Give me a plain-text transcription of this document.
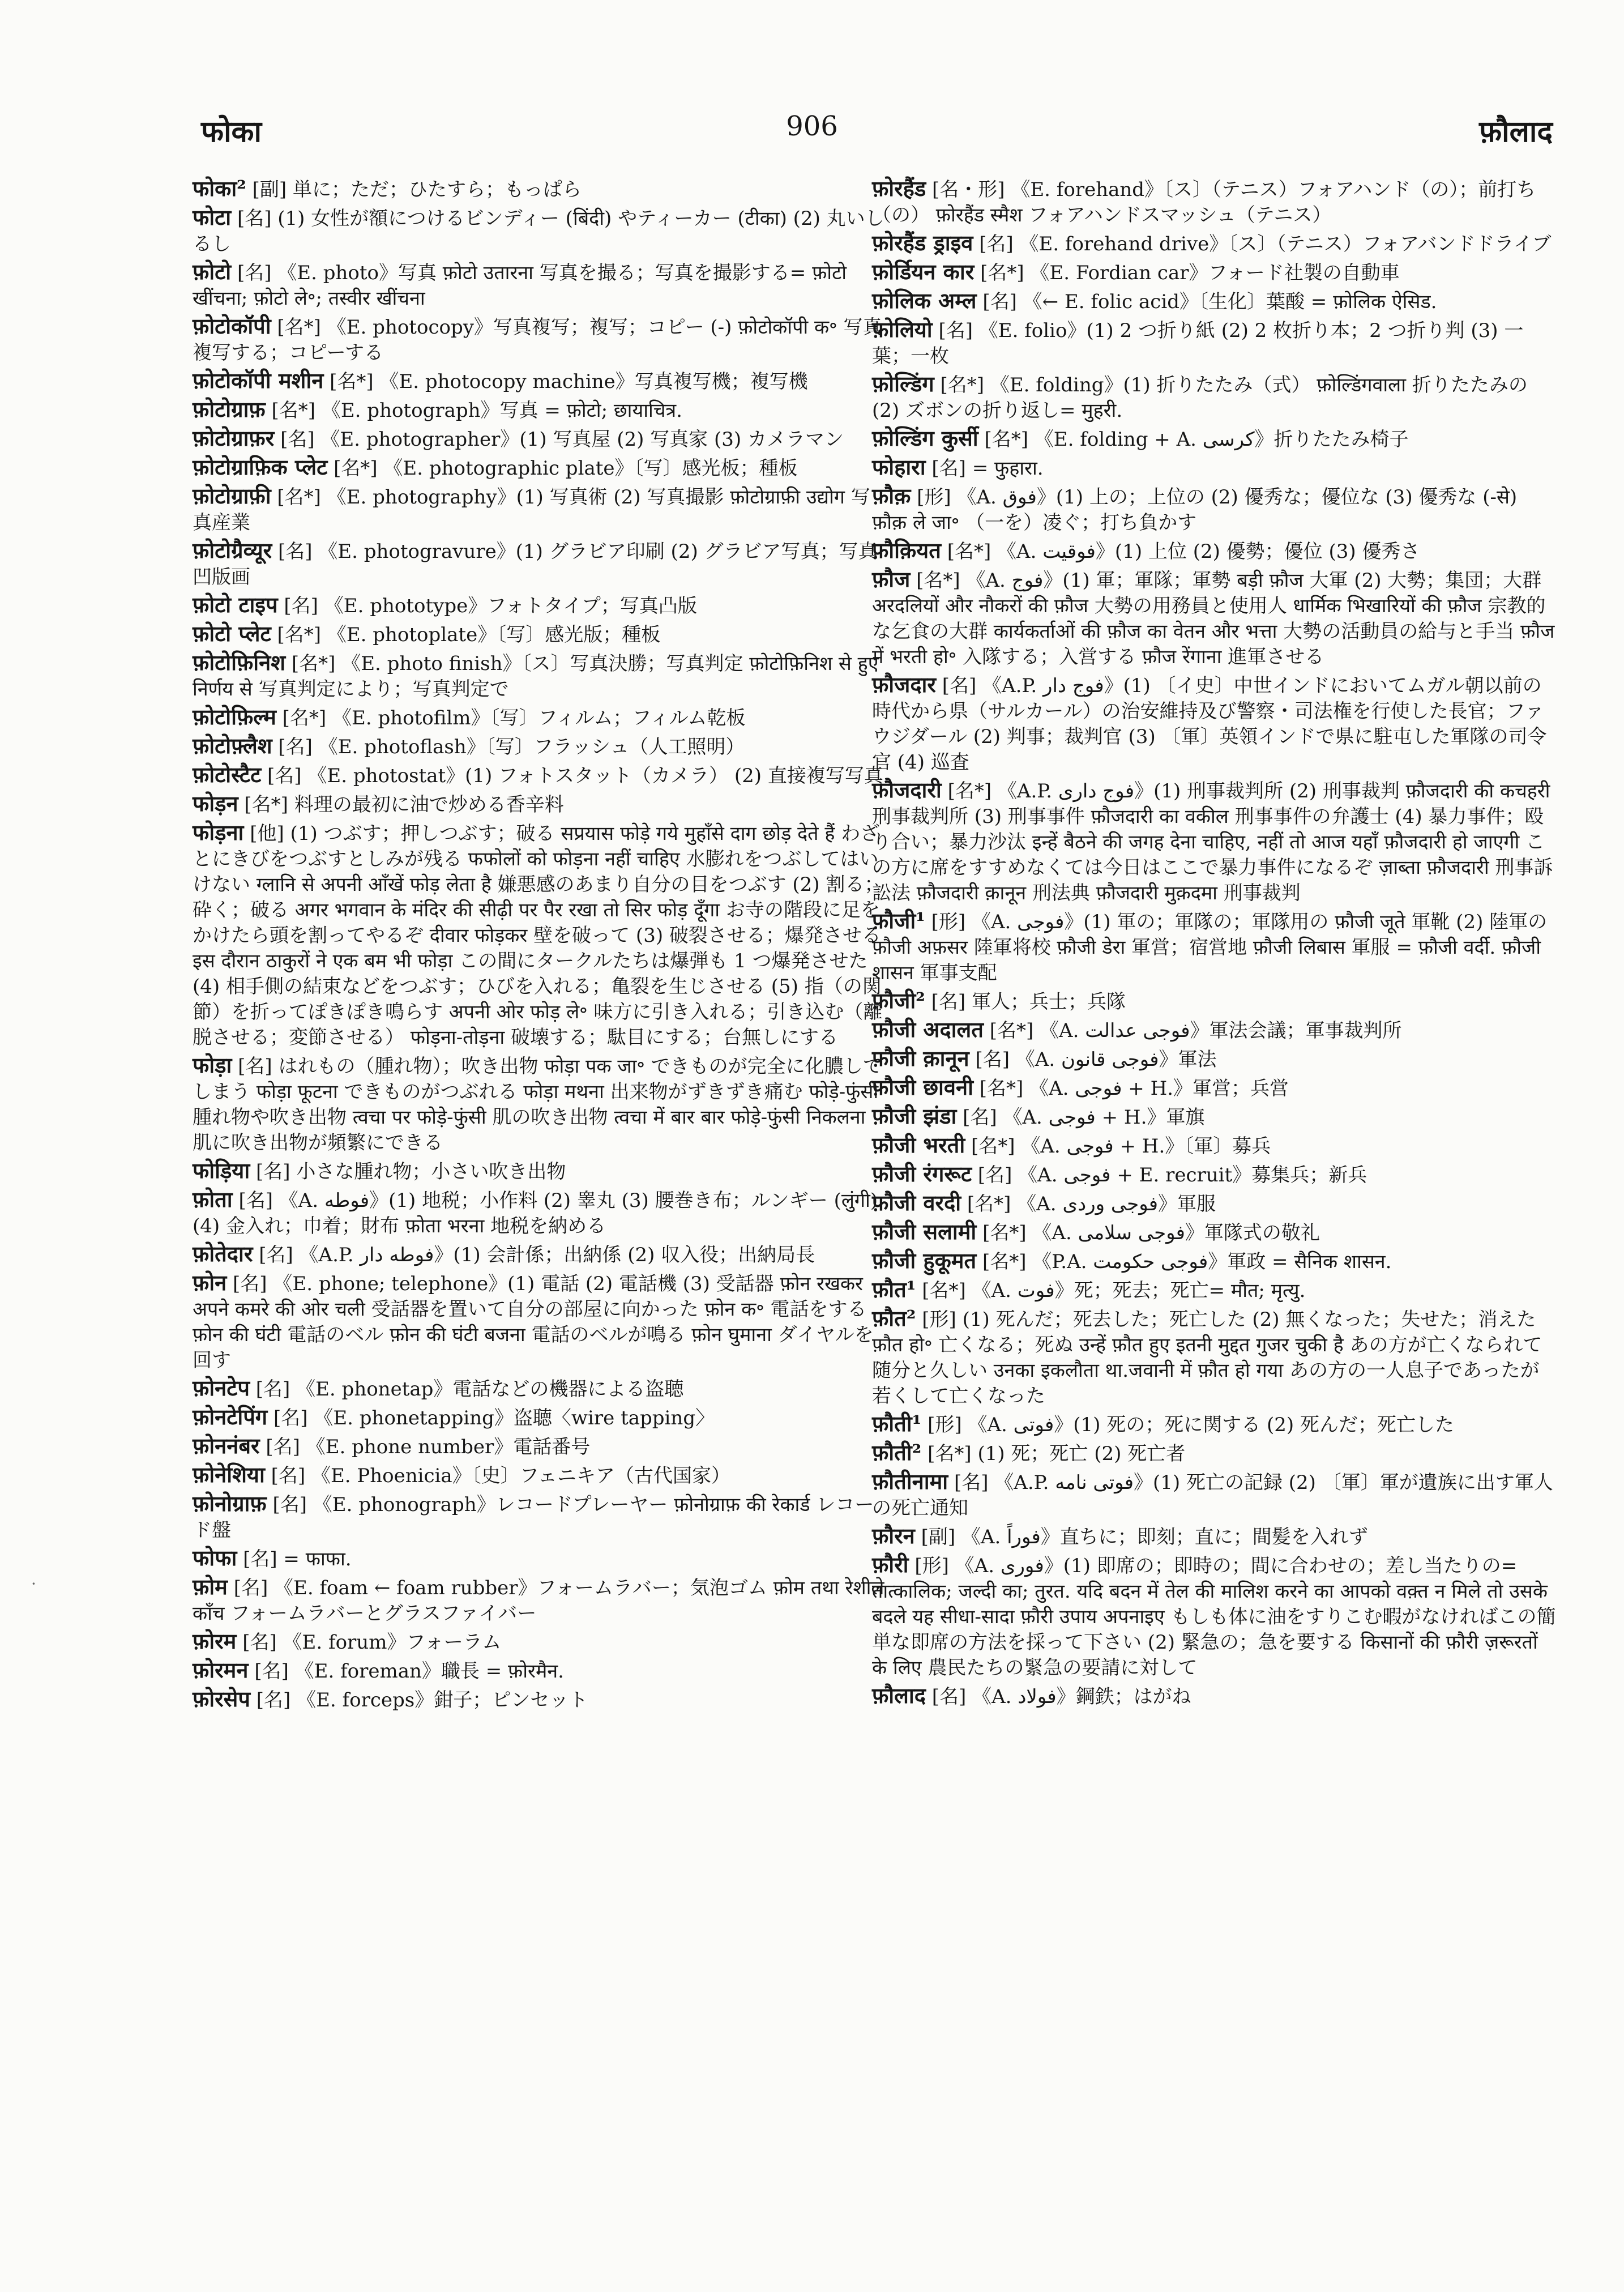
फोका	906	फ़ौलाद
फोका² [副] 単に；ただ；ひたすら；もっぱら
फोटा [名] (1) 女性が額につけるビンディー (बिंदी) やティーカー (टीका) (2) 丸いしるし
फ़ोटो [名] 《E. photo》写真 फ़ोटो उतारना 写真を撮る；写真を撮影する= फ़ोटो खींचना; फ़ोटो ले॰; तस्वीर खींचना
फ़ोटोकॉपी [名*] 《E. photocopy》写真複写；複写；コピー (-) फ़ोटोकॉपी क॰ 写真複写する；コピーする
फ़ोटोकॉपी मशीन [名*] 《E. photocopy machine》写真複写機；複写機
फ़ोटोग्राफ़ [名*] 《E. photograph》写真 = फ़ोटो; छायाचित्र.
फ़ोटोग्राफ़र [名] 《E. photographer》(1) 写真屋 (2) 写真家 (3) カメラマン
फ़ोटोग्राफ़िक प्लेट [名*] 《E. photographic plate》〔写〕感光板；種板
फ़ोटोग्राफ़ी [名*] 《E. photography》(1) 写真術 (2) 写真撮影 फ़ोटोग्राफ़ी उद्योग 写真産業
फ़ोटोग्रैव्यूर [名] 《E. photogravure》(1) グラビア印刷 (2) グラビア写真；写真凹版画
फ़ोटो टाइप [名] 《E. phototype》フォトタイプ；写真凸版
फ़ोटो प्लेट [名*] 《E. photoplate》〔写〕感光版；種板
फ़ोटोफ़िनिश [名*] 《E. photo finish》〔ス〕写真決勝；写真判定 फ़ोटोफ़िनिश से हुए निर्णय से 写真判定により；写真判定で
फ़ोटोफ़िल्म [名*] 《E. photofilm》〔写〕フィルム；フィルム乾板
फ़ोटोफ़्लैश [名] 《E. photoflash》〔写〕フラッシュ（人工照明）
फ़ोटोस्टैट [名] 《E. photostat》(1) フォトスタット（カメラ） (2) 直接複写写真
फोड़न [名*] 料理の最初に油で炒める香辛料
फोड़ना [他] (1) つぶす；押しつぶす；破る सप्रयास फोड़े गये मुहाँसे दाग छोड़ देते हैं わざとにきびをつぶすとしみが残る फफोलों को फोड़ना नहीं चाहिए 水膨れをつぶしてはいけない ग्लानि से अपनी आँखें फोड़ लेता है 嫌悪感のあまり自分の目をつぶす (2) 割る；砕く；破る अगर भगवान के मंदिर की सीढ़ी पर पैर रखा तो सिर फोड़ दूँगा お寺の階段に足をかけたら頭を割ってやるぞ दीवार फोड़कर 壁を破って (3) 破裂させる；爆発させる इस दौरान ठाकुरों ने एक बम भी फोड़ा この間にタークルたちは爆弾も 1 つ爆発させた (4) 相手側の結束などをつぶす；ひびを入れる；亀裂を生じさせる (5) 指（の関節）を折ってぽきぽき鳴らす अपनी ओर फोड़ ले॰ 味方に引き入れる；引き込む（離脱させる；変節させる） फोड़ना-तोड़ना 破壊する；駄目にする；台無しにする
फोड़ा [名] はれもの（腫れ物）；吹き出物 फोड़ा पक जा॰ できものが完全に化膿してしまう फोड़ा फूटना できものがつぶれる फोड़ा मथना 出来物がずきずき痛む फोड़े-फुंसी 腫れ物や吹き出物 त्वचा पर फोड़े-फुंसी 肌の吹き出物 त्वचा में बार बार फोड़े-फुंसी निकलना 肌に吹き出物が頻繁にできる
फोड़िया [名] 小さな腫れ物；小さい吹き出物
फ़ोता [名] 《A. فوطه》(1) 地税；小作料 (2) 睾丸 (3) 腰巻き布；ルンギー (लुंगी) (4) 金入れ；巾着；財布 फ़ोता भरना 地税を納める
फ़ोतेदार [名] 《A.P. فوطه دار》(1) 会計係；出納係 (2) 収入役；出納局長
फ़ोन [名] 《E. phone; telephone》(1) 電話 (2) 電話機 (3) 受話器 फ़ोन रखकर अपने कमरे की ओर चली 受話器を置いて自分の部屋に向かった फ़ोन क॰ 電話をする फ़ोन की घंटी 電話のベル फ़ोन की घंटी बजना 電話のベルが鳴る फ़ोन घुमाना ダイヤルを回す
फ़ोनटेप [名] 《E. phonetap》電話などの機器による盗聴
फ़ोनटेपिंग [名] 《E. phonetapping》盗聴〈wire tapping〉
फ़ोननंबर [名] 《E. phone number》電話番号
फ़ोनेशिया [名] 《E. Phoenicia》〔史〕フェニキア（古代国家）
फ़ोनोग्राफ़ [名] 《E. phonograph》レコードプレーヤー फ़ोनोग्राफ़ की रेकार्ड レコード盤
फोफा [名] = फाफा.
फ़ोम [名] 《E. foam ← foam rubber》フォームラバー；気泡ゴム फ़ोम तथा रेशीले काँच フォームラバーとグラスファイバー
फ़ोरम [名] 《E. forum》フォーラム
फ़ोरमन [名] 《E. foreman》職長 = फ़ोरमैन.
फ़ोरसेप [名] 《E. forceps》鉗子；ピンセット
फ़ोरहैंड [名・形] 《E. forehand》〔ス〕（テニス）フォアハンド（の）；前打ち（の） फ़ोरहैंड स्मैश フォアハンドスマッシュ（テニス）
फ़ोरहैंड ड्राइव [名] 《E. forehand drive》〔ス〕（テニス）フォアバンドドライブ
फ़ोर्डियन कार [名*] 《E. Fordian car》フォード社製の自動車
फ़ोलिक अम्ल [名] 《← E. folic acid》〔生化〕葉酸 = फ़ोलिक ऐसिड.
फ़ोलियो [名] 《E. folio》(1) 2 つ折り紙 (2) 2 枚折り本；2 つ折り判 (3) 一葉；一枚
फ़ोल्डिंग [名*] 《E. folding》(1) 折りたたみ（式） फ़ोल्डिंगवाला 折りたたみの (2) ズボンの折り返し= मुहरी.
फ़ोल्डिंग कुर्सी [名*] 《E. folding + A. کرسی》折りたたみ椅子
फोहारा [名] = फुहारा.
फ़ौक़ [形] 《A. فوق》(1) 上の；上位の (2) 優秀な；優位な (3) 優秀な (-से) फ़ौक़ ले जा॰ （一を）凌ぐ；打ち負かす
फ़ौक़ियत [名*] 《A. فوقیت》(1) 上位 (2) 優勢；優位 (3) 優秀さ
फ़ौज [名*] 《A. فوج》(1) 軍；軍隊；軍勢 बड़ी फ़ौज 大軍 (2) 大勢；集団；大群 अरदलियों और नौकरों की फ़ौज 大勢の用務員と使用人 धार्मिक भिखारियों की फ़ौज 宗教的な乞食の大群 कार्यकर्ताओं की फ़ौज का वेतन और भत्ता 大勢の活動員の給与と手当 फ़ौज में भरती हो॰ 入隊する；入営する फ़ौज रेंगाना 進軍させる
फ़ौजदार [名] 《A.P. فوج دار》(1) 〔イ史〕中世インドにおいてムガル朝以前の時代から県（サルカール）の治安維持及び警察・司法権を行使した長官；ファウジダール (2) 判事；裁判官 (3) 〔軍〕英領インドで県に駐屯した軍隊の司令官 (4) 巡査
फ़ौजदारी [名*] 《A.P. فوج داری》(1) 刑事裁判所 (2) 刑事裁判 फ़ौजदारी की कचहरी 刑事裁判所 (3) 刑事事件 फ़ौजदारी का वकील 刑事事件の弁護士 (4) 暴力事件；殴り合い；暴力沙汰 इन्हें बैठने की जगह देना चाहिए, नहीं तो आज यहाँ फ़ौजदारी हो जाएगी この方に席をすすめなくては今日はここで暴力事件になるぞ ज़ाब्ता फ़ौजदारी 刑事訴訟法 फ़ौजदारी क़ानून 刑法典 फ़ौजदारी मुक़दमा 刑事裁判
फ़ौजी¹ [形] 《A. فوجی》(1) 軍の；軍隊の；軍隊用の फ़ौजी जूते 軍靴 (2) 陸軍の फ़ौजी अफ़सर 陸軍将校 फ़ौजी डेरा 軍営；宿営地 फ़ौजी लिबास 軍服 = फ़ौजी वर्दी. फ़ौजी शासन 軍事支配
फ़ौजी² [名] 軍人；兵士；兵隊
फ़ौजी अदालत [名*] 《A. فوجی عدالت》軍法会議；軍事裁判所
फ़ौजी क़ानून [名] 《A. فوجی قانون》軍法
फ़ौजी छावनी [名*] 《A. فوجی + H.》軍営；兵営
फ़ौजी झंडा [名] 《A. فوجی + H.》軍旗
फ़ौजी भरती [名*] 《A. فوجی + H.》〔軍〕募兵
फ़ौजी रंगरूट [名] 《A. فوجی + E. recruit》募集兵；新兵
फ़ौजी वरदी [名*] 《A. فوجی وردی》軍服
फ़ौजी सलामी [名*] 《A. فوجی سلامی》軍隊式の敬礼
फ़ौजी हुकूमत [名*] 《P.A. فوجی حکومت》軍政 = सैनिक शासन.
फ़ौत¹ [名*] 《A. فوت》死；死去；死亡= मौत; मृत्यु.
फ़ौत² [形] (1) 死んだ；死去した；死亡した (2) 無くなった；失せた；消えた फ़ौत हो॰ 亡くなる；死ぬ उन्हें फ़ौत हुए इतनी मुद्दत गुजर चुकी है あの方が亡くなられて随分と久しい उनका इकलौता था.जवानी में फ़ौत हो गया あの方の一人息子であったが若くして亡くなった
फ़ौती¹ [形] 《A. فوتی》(1) 死の；死に関する (2) 死んだ；死亡した
फ़ौती² [名*] (1) 死；死亡 (2) 死亡者
फ़ौतीनामा [名] 《A.P. فوتی نامه》(1) 死亡の記録 (2) 〔軍〕軍が遺族に出す軍人の死亡通知
फ़ौरन [副] 《A. فوراً》直ちに；即刻；直に；間髪を入れず
फ़ौरी [形] 《A. فوری》(1) 即席の；即時の；間に合わせの；差し当たりの= तात्कालिक; जल्दी का; तुरत. यदि बदन में तेल की मालिश करने का आपको वक़्त न मिले तो उसके बदले यह सीधा-सादा फ़ौरी उपाय अपनाइए もしも体に油をすりこむ暇がなければこの簡単な即席の方法を採って下さい (2) 緊急の；急を要する किसानों की फ़ौरी ज़रूरतों के लिए 農民たちの緊急の要請に対して
फ़ौलाद [名] 《A. فولاد》鋼鉄；はがね
·
